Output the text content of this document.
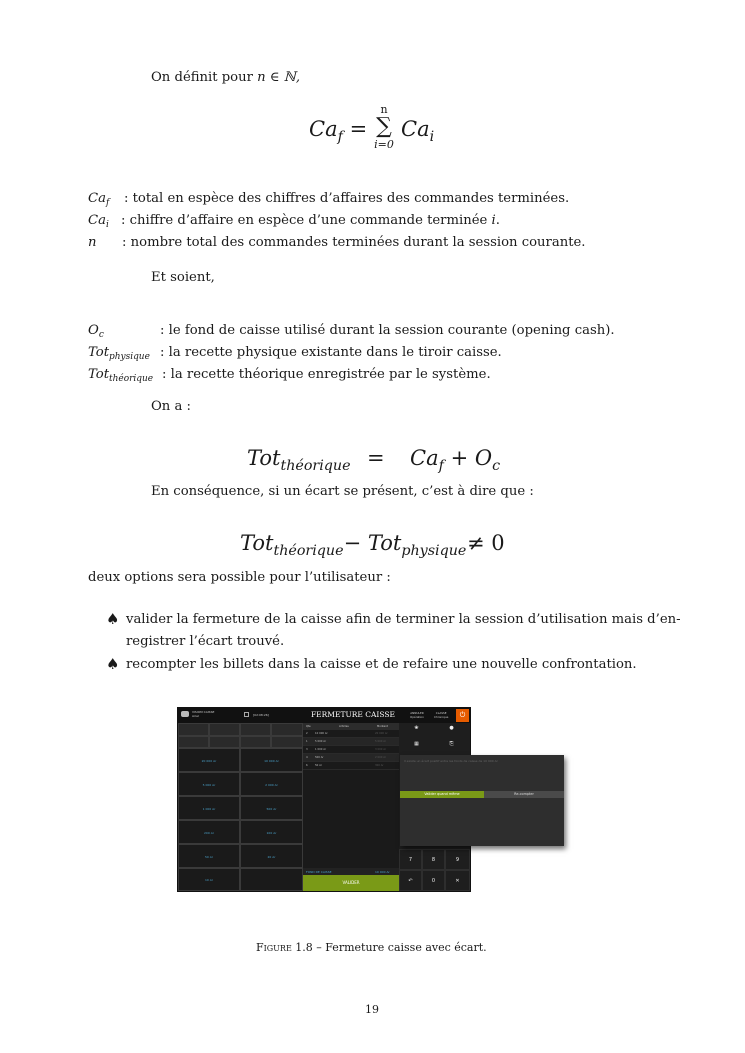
On définit pour n ∈ ℕ,
$Ca_f$ =
n
∑
i=0
$Ca_i$
$Ca_f$ : total en espèce des chiffres d’affaires des commandes terminées.
$Ca_i$ : chiffre d’affaire en espèce d’une commande terminée i.
n : nombre total des commandes terminées durant la session courante.
Et soient,
$O_c$	: le fond de caisse utilisé durant la session courante (opening cash).
Tot$_{physique}$ : la recette physique existante dans le tiroir caisse.
Tot$_{théorique}$ : la recette théorique enregistrée par le système.
On a :
$Tot_{théorique} = Ca_f + O_c$
En conséquence, si un écart se présent, c’est à dire que :
Tot$_{théorique}$− Tot$_{physique}$ ≠ 0
deux options sera possible pour l’utilisateur :
♠ valider la fermeture de la caisse afin de terminer la session d’utilisation mais d’en-
registrer l’écart trouvé.
♠ recompter les billets dans la caisse et de refaire une nouvelle confrontation.
VISIOM CAISSE
Ariel	[02:08:26]	FERMETURE CAISSE	ANNULER
Opération
CLASSE
Chronique	⏻
20 000 Ar	10 000 Ar
5 000 Ar	2 000 Ar
1 000 Ar	500 Ar
200 Ar	100 Ar
50 Ar	20 Ar
10 Ar
Qte	Articles	Montant
2	10 000 Ar	20 000 Ar
1	5 000 Ar	5 000 Ar
3	1 000 Ar	3 000 Ar
4	500 Ar	2 000 Ar
6	50 Ar	300 Ar
FOND DE CAISSE	10 000 Ar
VALIDER
❀	●
▦	⎘
7	8	9
↶	0	✕
Il existe un écart positif entre les fonds de caisse de 10 000 Ar
Valider quand même	Re-compter
Figure 1.8 – Fermeture caisse avec écart.
19
